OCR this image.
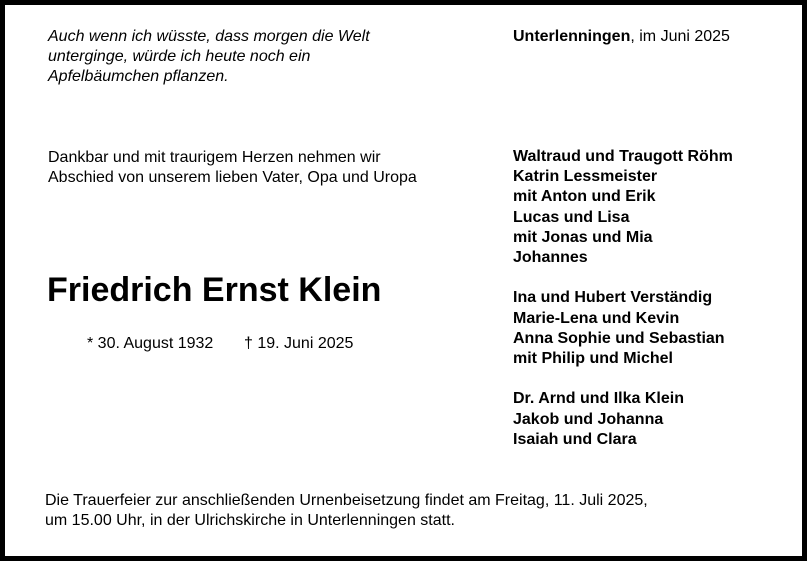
Auch wenn ich wüsste, dass morgen die Welt
unterginge, würde ich heute noch ein
Apfelbäumchen pflanzen.
Unterlenningen, im Juni 2025
Dankbar und mit traurigem Herzen nehmen wir
Abschied von unserem lieben Vater, Opa und Uropa
Friedrich Ernst Klein
* 30. August 1932 † 19. Juni 2025
Waltraud und Traugott Röhm
Katrin Lessmeister
mit Anton und Erik
Lucas und Lisa
mit Jonas und Mia
Johannes
Ina und Hubert Verständig
Marie-Lena und Kevin
Anna Sophie und Sebastian
mit Philip und Michel
Dr. Arnd und Ilka Klein
Jakob und Johanna
Isaiah und Clara
Die Trauerfeier zur anschließenden Urnenbeisetzung findet am Freitag, 11. Juli 2025,
um 15.00 Uhr, in der Ulrichskirche in Unterlenningen statt.
